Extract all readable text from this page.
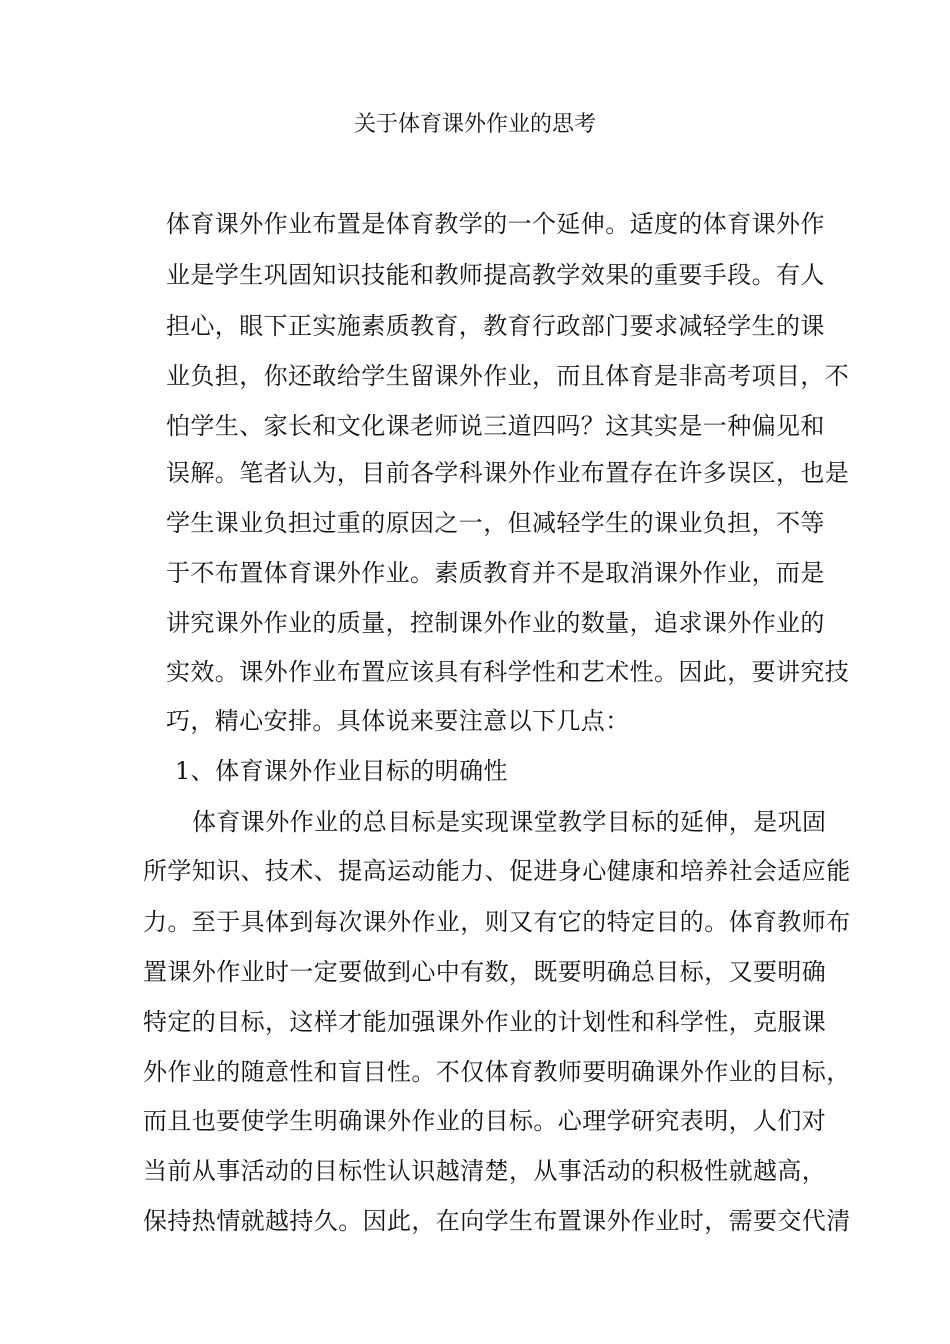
关于体育课外作业的思考

体育课外作业布置是体育教学的一个延伸。适度的体育课外作

业是学生巩固知识技能和教师提高教学效果的重要手段。有人

担心，眼下正实施素质教育，教育行政部门要求减轻学生的课

业负担，你还敢给学生留课外作业，而且体育是非高考项目，不

怕学生、家长和文化课老师说三道四吗？这其实是一种偏见和

误解。笔者认为，目前各学科课外作业布置存在许多误区，也是

学生课业负担过重的原因之一，但减轻学生的课业负担，不等

于不布置体育课外作业。素质教育并不是取消课外作业，而是

讲究课外作业的质量，控制课外作业的数量，追求课外作业的

实效。课外作业布置应该具有科学性和艺术性。因此，要讲究技

巧，精心安排。具体说来要注意以下几点：

1、体育课外作业目标的明确性

体育课外作业的总目标是实现课堂教学目标的延伸，是巩固

所学知识、技术、提高运动能力、促进身心健康和培养社会适应能

力。至于具体到每次课外作业，则又有它的特定目的。体育教师布

置课外作业时一定要做到心中有数，既要明确总目标，又要明确

特定的目标，这样才能加强课外作业的计划性和科学性，克服课

外作业的随意性和盲目性。不仅体育教师要明确课外作业的目标，

而且也要使学生明确课外作业的目标。心理学研究表明，人们对

当前从事活动的目标性认识越清楚，从事活动的积极性就越高，

保持热情就越持久。因此，在向学生布置课外作业时，需要交代清
